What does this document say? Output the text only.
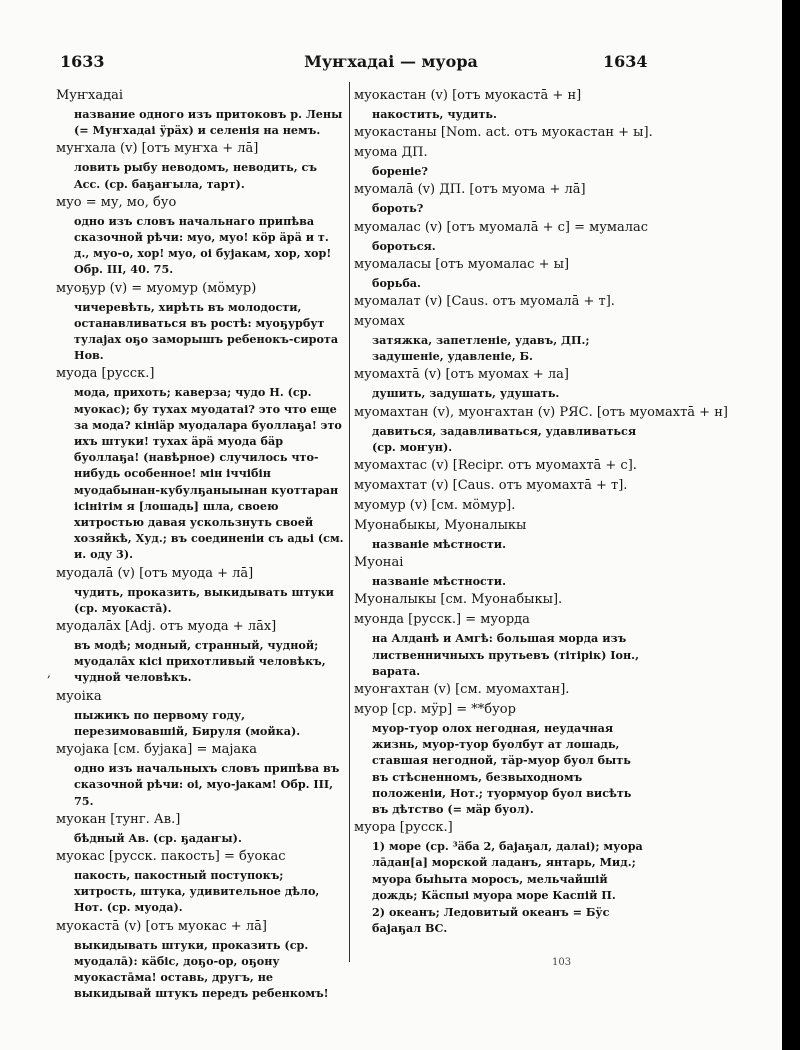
Муҥхадаі — муора
1633	1634
Муҥхадаі
название одного изъ притоковъ р. Лены (= Муҥхадаі ӱрӓх) и селенія на немъ.
муҥхала (v) [отъ муҥха + лā]
ловить рыбу неводомъ, неводить, съ Acc. (ср. баҕаҥыла, тарт).
муо = му, мо, буо
одно изъ словъ начальнаго припѣва сказочной рѣчи: муо, муо! кӧр ӓрӓ и т. д., муо-о, хор! муо, оі бујакам, хор, хор! Обр. III, 40. 75.
муоҕур (v) = муомур (мӧмур)
чичеревѣть, хирѣть въ молодости, останавливаться въ ростѣ: муоҕурбут тулајах оҕо заморышъ ребенокъ-сирота Нов.
муода [русск.]
мода, прихоть; каверза; чудо Н. (ср. муокас); бу тухах муодатаі? это что еще за мода? кініӓр муодалара буоллаҕа! это ихъ штуки! тухах ӓрӓ муода бӓр буоллаҕа! (навѣрное) случилось что-нибудь особенное! мін іччібін муодабынан-кубулҕаныынан куоттаран ісінітім я [лошадь] шла, своею хитростью давая ускользнуть своей хозяйкѣ, Худ.; въ соединеніи съ адьі (см. и. оду 3).
муодалā (v) [отъ муода + лā]
чудить, проказить, выкидывать штуки (ср. муокастā).
муодалāх [Adj. отъ муода + лāх]
въ модѣ; модный, странный, чудной; муодалāх кісі прихотливый человѣкъ, чудной человѣкъ.
муоіка
пыжикъ по первому году, перезимовавшій, Бируля (мойка).
муојака [см. бујака] = мајака
одно изъ начальныхъ словъ припѣва въ сказочной рѣчи: оі, муо-јакам! Обр. III, 75.
муокан [тунг. Ав.]
бѣдный Ав. (ср. ҕадаҥы).
муокас [русск. пакость] = буокас
пакость, пакостный поступокъ; хитрость, штука, удивительное дѣло, Нот. (ср. муода).
муокастā (v) [отъ муокас + лā]
выкидывать штуки, проказить (ср. муодалā): кӓбіс, доҕо-ор, оҕону муокастāма! оставь, другъ, не выкидывай штукъ передъ ребенкомъ!
муокастан (v) [отъ муокастā + н]
накостить, чудить.
муокастаны [Nom. act. отъ муокастан + ы].
муома ДП.
бореніе?
муомалā (v) ДП. [отъ муома + лā]
бороть?
муомалас (v) [отъ муомалā + с] = мумалас
бороться.
муомаласы [отъ муомалас + ы]
борьба.
муомалат (v) [Caus. отъ муомалā + т].
муомах
затяжка, запетленіе, удавъ, ДП.; задушеніе, удавленіе, Б.
муомахтā (v) [отъ муомах + ла]
душить, задушать, удушать.
муомахтан (v), муоҥахтан (v) РЯС. [отъ муомахтā + н]
давиться, задавливаться, удавливаться (ср. моҥун).
муомахтас (v) [Recipr. отъ муомахтā + с].
муомахтат (v) [Caus. отъ муомахтā + т].
муомур (v) [см. мӧмур].
Муонабыкы, Муоналыкы
названіе мѣстности.
Муонаі
названіе мѣстности.
Муоналыкы [см. Муонабыкы].
муонда [русск.] = муорда
на Алданѣ и Амгѣ: большая морда изъ лиственничныхъ прутьевъ (тітірік) Іон., варата.
муоҥахтан (v) [см. муомахтан].
муор [ср. мӱр] = **буор
муор-туор олох негодная, неудачная жизнь, муор-туор буолбут ат лошадь, ставшая негодной, тӓр-муор буол быть въ стѣсненномъ, безвыходномъ положеніи, Нот.; туормуор буол висѣть въ дѣтство (= мӓр буол).
муора [русск.]
1) море (ср. ³ӓба 2, бајаҕал, далаі); муора лāдан[а] морской ладанъ, янтарь, Мид.; муора быһыта моросъ, мельчайшій дождь; Кӓспыі муора море Каспій П.
2) океанъ; Ледовитый океанъ = Бӱс бајаҕал ВС.
,
103
